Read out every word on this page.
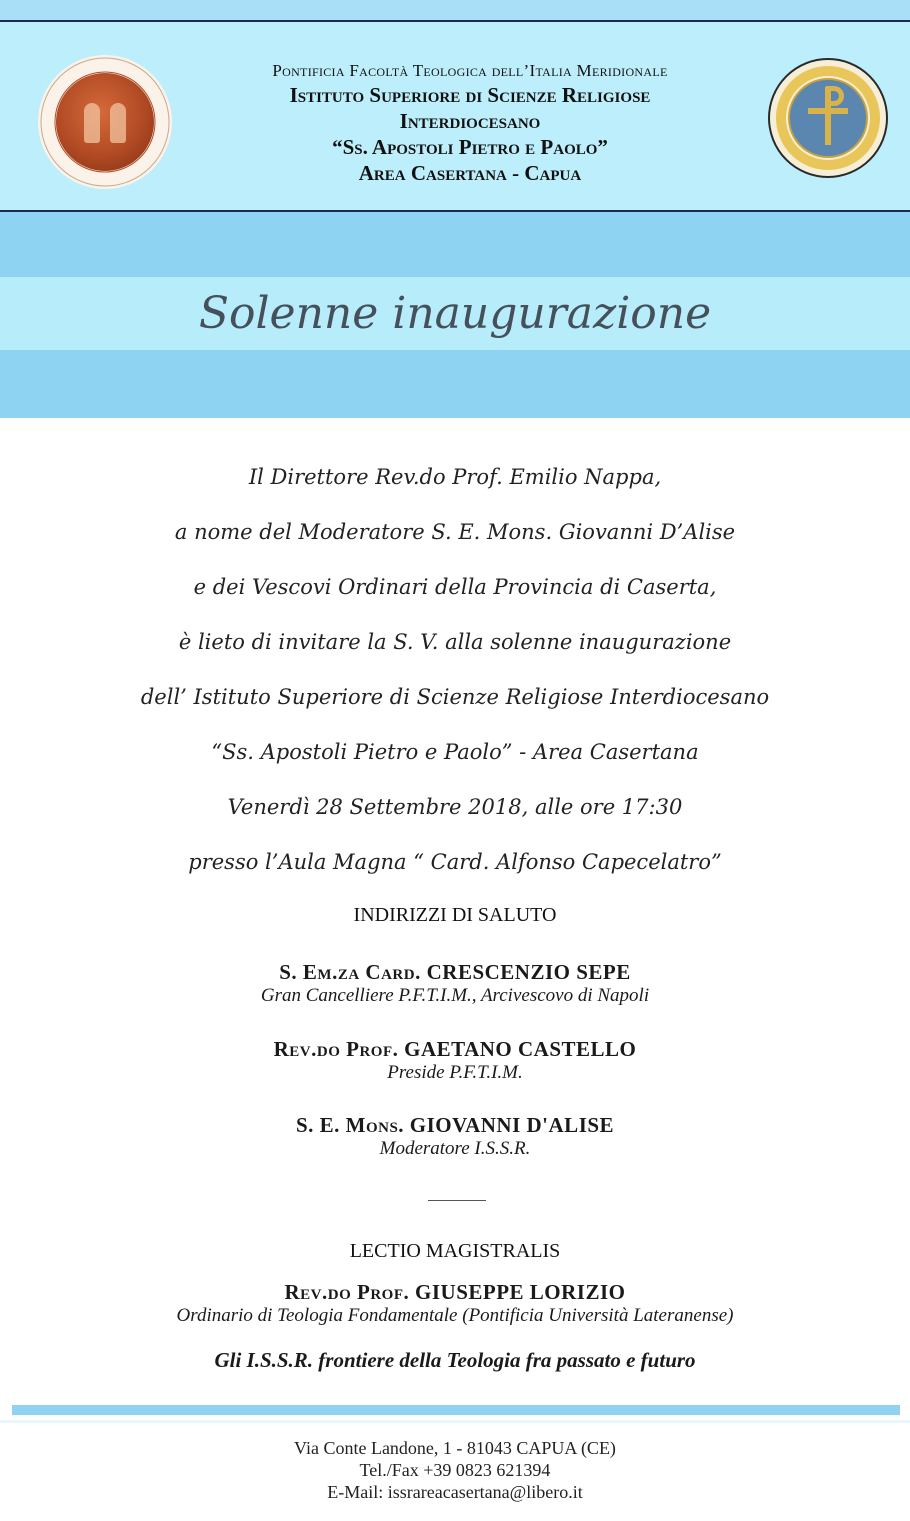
Pontificia Facoltà Teologica dell’Italia Meridionale
Istituto Superiore di Scienze Religiose
Interdiocesano
“Ss. Apostoli Pietro e Paolo”
Area Casertana - Capua
Solenne inaugurazione
Il Direttore Rev.do Prof. Emilio Nappa,
a nome del Moderatore S. E. Mons. Giovanni D’Alise
e dei Vescovi Ordinari della Provincia di Caserta,
è lieto di invitare la S. V. alla solenne inaugurazione
dell’ Istituto Superiore di Scienze Religiose Interdiocesano
“Ss. Apostoli Pietro e Paolo” - Area Casertana
Venerdì 28 Settembre 2018, alle ore 17:30
presso l’Aula Magna “ Card. Alfonso Capecelatro”
INDIRIZZI DI SALUTO
S. Em.za Card. CRESCENZIO SEPE
Gran Cancelliere P.F.T.I.M., Arcivescovo di Napoli
Rev.do Prof. GAETANO CASTELLO
Preside P.F.T.I.M.
S. E. Mons. GIOVANNI D'ALISE
Moderatore I.S.S.R.
LECTIO MAGISTRALIS
Rev.do Prof. GIUSEPPE LORIZIO
Ordinario di Teologia Fondamentale (Pontificia Università Lateranense)
Gli I.S.S.R. frontiere della Teologia fra passato e futuro
Via Conte Landone, 1 - 81043 CAPUA (CE)
Tel./Fax +39 0823 621394
E-Mail: issrareacasertana@libero.it
